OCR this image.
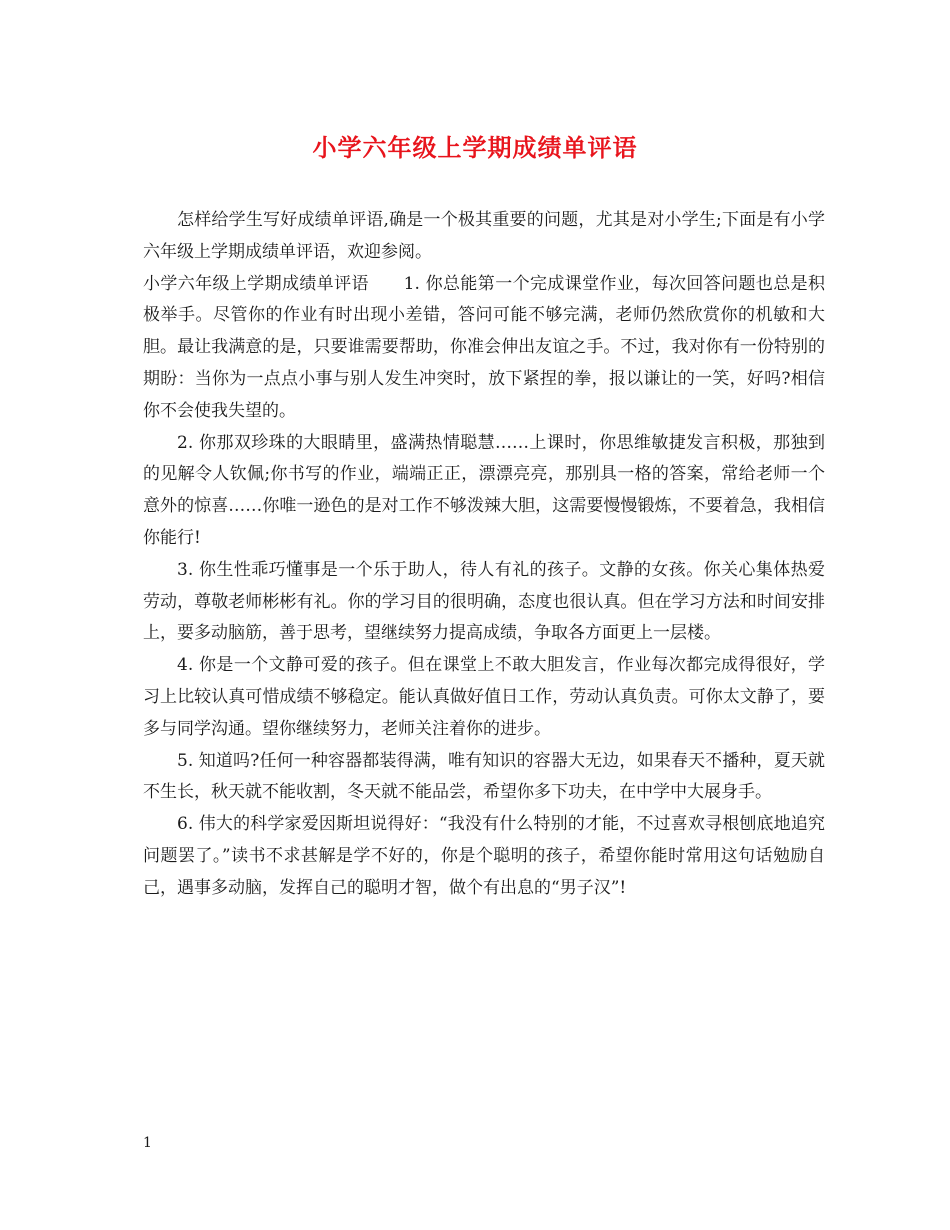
小学六年级上学期成绩单评语

怎样给学生写好成绩单评语,确是一个极其重要的问题，尤其是对小学生;下面是有小学六年级上学期成绩单评语，欢迎参阅。

小学六年级上学期成绩单评语　　1. 你总能第一个完成课堂作业，每次回答问题也总是积极举手。尽管你的作业有时出现小差错，答问可能不够完满，老师仍然欣赏你的机敏和大胆。最让我满意的是，只要谁需要帮助，你准会伸出友谊之手。不过，我对你有一份特别的期盼：当你为一点点小事与别人发生冲突时，放下紧捏的拳，报以谦让的一笑，好吗?相信你不会使我失望的。

2. 你那双珍珠的大眼睛里，盛满热情聪慧……上课时，你思维敏捷发言积极，那独到的见解令人钦佩;你书写的作业，端端正正，漂漂亮亮，那别具一格的答案，常给老师一个意外的惊喜……你唯一逊色的是对工作不够泼辣大胆，这需要慢慢锻炼，不要着急，我相信你能行!

3. 你生性乖巧懂事是一个乐于助人，待人有礼的孩子。文静的女孩。你关心集体热爱劳动，尊敬老师彬彬有礼。你的学习目的很明确，态度也很认真。但在学习方法和时间安排上，要多动脑筋，善于思考，望继续努力提高成绩，争取各方面更上一层楼。

4. 你是一个文静可爱的孩子。但在课堂上不敢大胆发言，作业每次都完成得很好，学习上比较认真可惜成绩不够稳定。能认真做好值日工作，劳动认真负责。可你太文静了，要多与同学沟通。望你继续努力，老师关注着你的进步。

5. 知道吗?任何一种容器都装得满，唯有知识的容器大无边，如果春天不播种，夏天就不生长，秋天就不能收割，冬天就不能品尝，希望你多下功夫，在中学中大展身手。

6. 伟大的科学家爱因斯坦说得好：“我没有什么特别的才能，不过喜欢寻根刨底地追究问题罢了。”读书不求甚解是学不好的，你是个聪明的孩子，希望你能时常用这句话勉励自己，遇事多动脑，发挥自己的聪明才智，做个有出息的“男子汉”!

1
